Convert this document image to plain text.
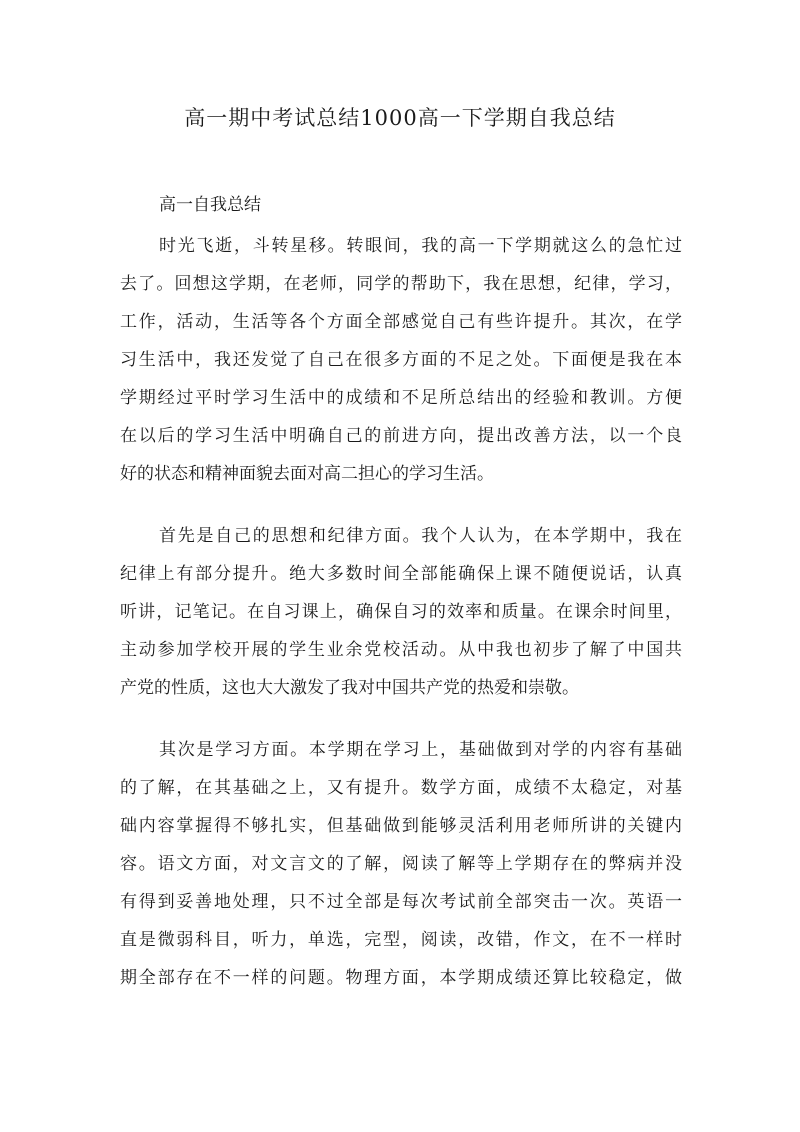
高一期中考试总结1000高一下学期自我总结
高一自我总结
时光飞逝，斗转星移。转眼间，我的高一下学期就这么的急忙过
去了。回想这学期，在老师，同学的帮助下，我在思想，纪律，学习，
工作，活动，生活等各个方面全部感觉自己有些许提升。其次，在学
习生活中，我还发觉了自己在很多方面的不足之处。下面便是我在本
学期经过平时学习生活中的成绩和不足所总结出的经验和教训。方便
在以后的学习生活中明确自己的前进方向，提出改善方法，以一个良
好的状态和精神面貌去面对高二担心的学习生活。
首先是自己的思想和纪律方面。我个人认为，在本学期中，我在
纪律上有部分提升。绝大多数时间全部能确保上课不随便说话，认真
听讲，记笔记。在自习课上，确保自习的效率和质量。在课余时间里，
主动参加学校开展的学生业余党校活动。从中我也初步了解了中国共
产党的性质，这也大大激发了我对中国共产党的热爱和崇敬。
其次是学习方面。本学期在学习上，基础做到对学的内容有基础
的了解，在其基础之上，又有提升。数学方面，成绩不太稳定，对基
础内容掌握得不够扎实，但基础做到能够灵活利用老师所讲的关键内
容。语文方面，对文言文的了解，阅读了解等上学期存在的弊病并没
有得到妥善地处理，只不过全部是每次考试前全部突击一次。英语一
直是微弱科目，听力，单选，完型，阅读，改错，作文，在不一样时
期全部存在不一样的问题。物理方面，本学期成绩还算比较稳定，做
